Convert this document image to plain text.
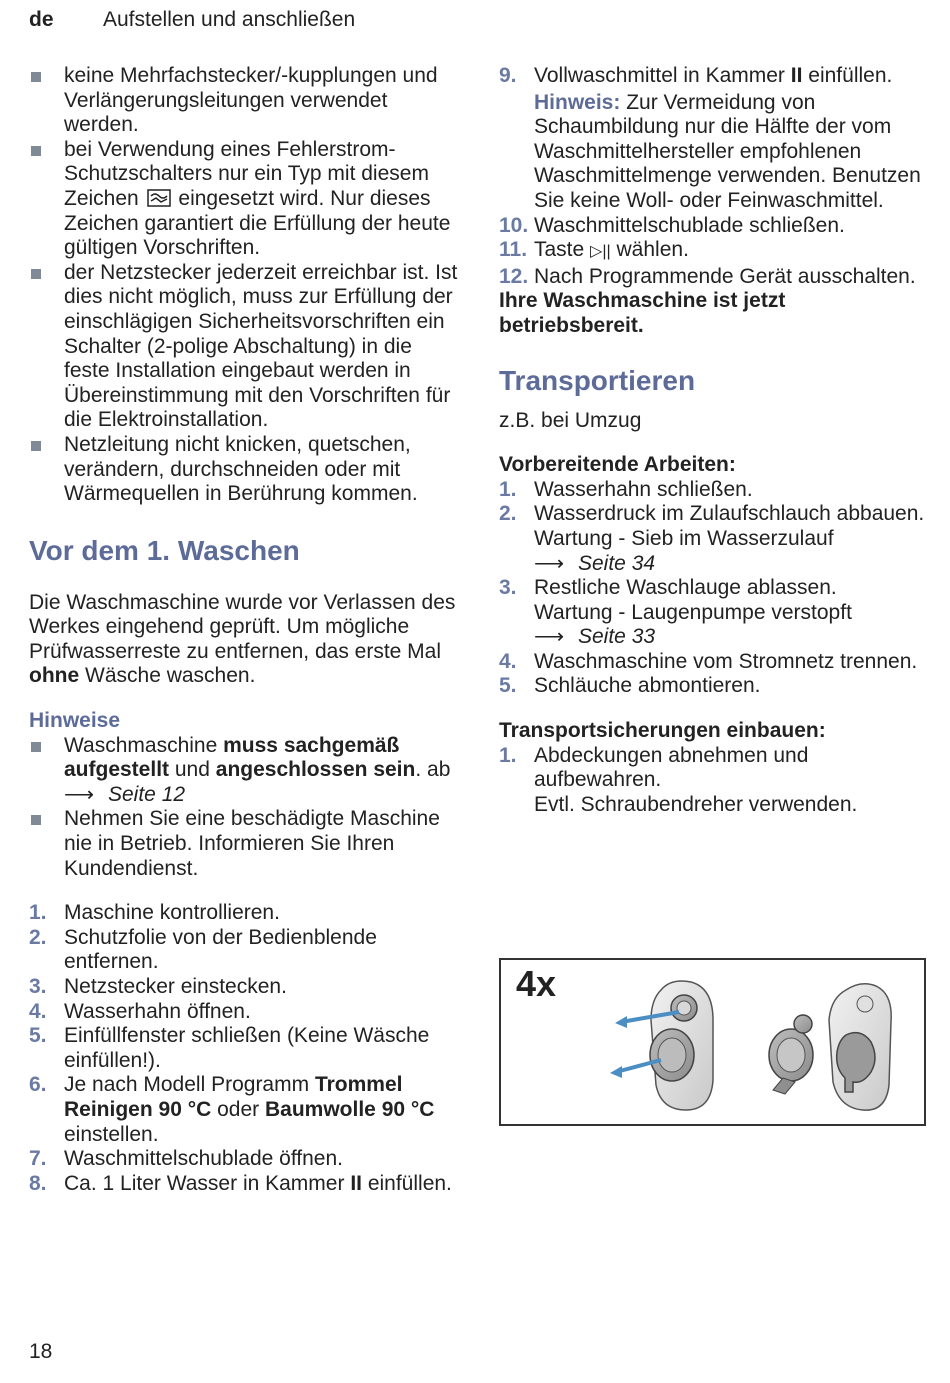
de Aufstellen und anschließen
keine Mehrfachstecker/-kupplungen und Verlängerungsleitungen verwendet werden.
bei Verwendung eines Fehlerstrom-Schutzschalters nur ein Typ mit diesem Zeichen eingesetzt wird. Nur dieses Zeichen garantiert die Erfüllung der heute gültigen Vorschriften.
der Netzstecker jederzeit erreichbar ist. Ist dies nicht möglich, muss zur Erfüllung der einschlägigen Sicherheitsvorschriften ein Schalter (2-polige Abschaltung) in die feste Installation eingebaut werden in Übereinstimmung mit den Vorschriften für die Elektroinstallation.
Netzleitung nicht knicken, quetschen, verändern, durchschneiden oder mit Wärmequellen in Berührung kommen.
Vor dem 1. Waschen

Die Waschmaschine wurde vor Verlassen des Werkes eingehend geprüft. Um mögliche Prüfwasserreste zu entfernen, das erste Mal ohne Wäsche waschen.

Hinweise
Waschmaschine muss sachgemäß aufgestellt und angeschlossen sein. ab ⟶ Seite 12
Nehmen Sie eine beschädigte Maschine nie in Betrieb. Informieren Sie Ihren Kundendienst.
1. Maschine kontrollieren.
2. Schutzfolie von der Bedienblende entfernen.
3. Netzstecker einstecken.
4. Wasserhahn öffnen.
5. Einfüllfenster schließen (Keine Wäsche einfüllen!).
6. Je nach Modell Programm Trommel Reinigen 90 °C oder Baumwolle 90 °C einstellen.
7. Waschmittelschublade öffnen.
8. Ca. 1 Liter Wasser in Kammer II einfüllen.
9. Vollwaschmittel in Kammer II einfüllen.
Hinweis: Zur Vermeidung von Schaumbildung nur die Hälfte der vom Waschmittelhersteller empfohlenen Waschmittelmenge verwenden. Benutzen Sie keine Woll- oder Feinwaschmittel.
10. Waschmittelschublade schließen.
11. Taste ▷|| wählen.
12. Nach Programmende Gerät ausschalten.
Ihre Waschmaschine ist jetzt betriebsbereit.
Transportieren
z.B. bei Umzug
Vorbereitende Arbeiten:
1. Wasserhahn schließen.
2. Wasserdruck im Zulaufschlauch abbauen.
Wartung - Sieb im Wasserzulauf
⟶ Seite 34
3. Restliche Waschlauge ablassen.
Wartung - Laugenpumpe verstopft
⟶ Seite 33
4. Waschmaschine vom Stromnetz trennen.
5. Schläuche abmontieren.
Transportsicherungen einbauen:
1. Abdeckungen abnehmen und aufbewahren.
Evtl. Schraubendreher verwenden.
4x
18
